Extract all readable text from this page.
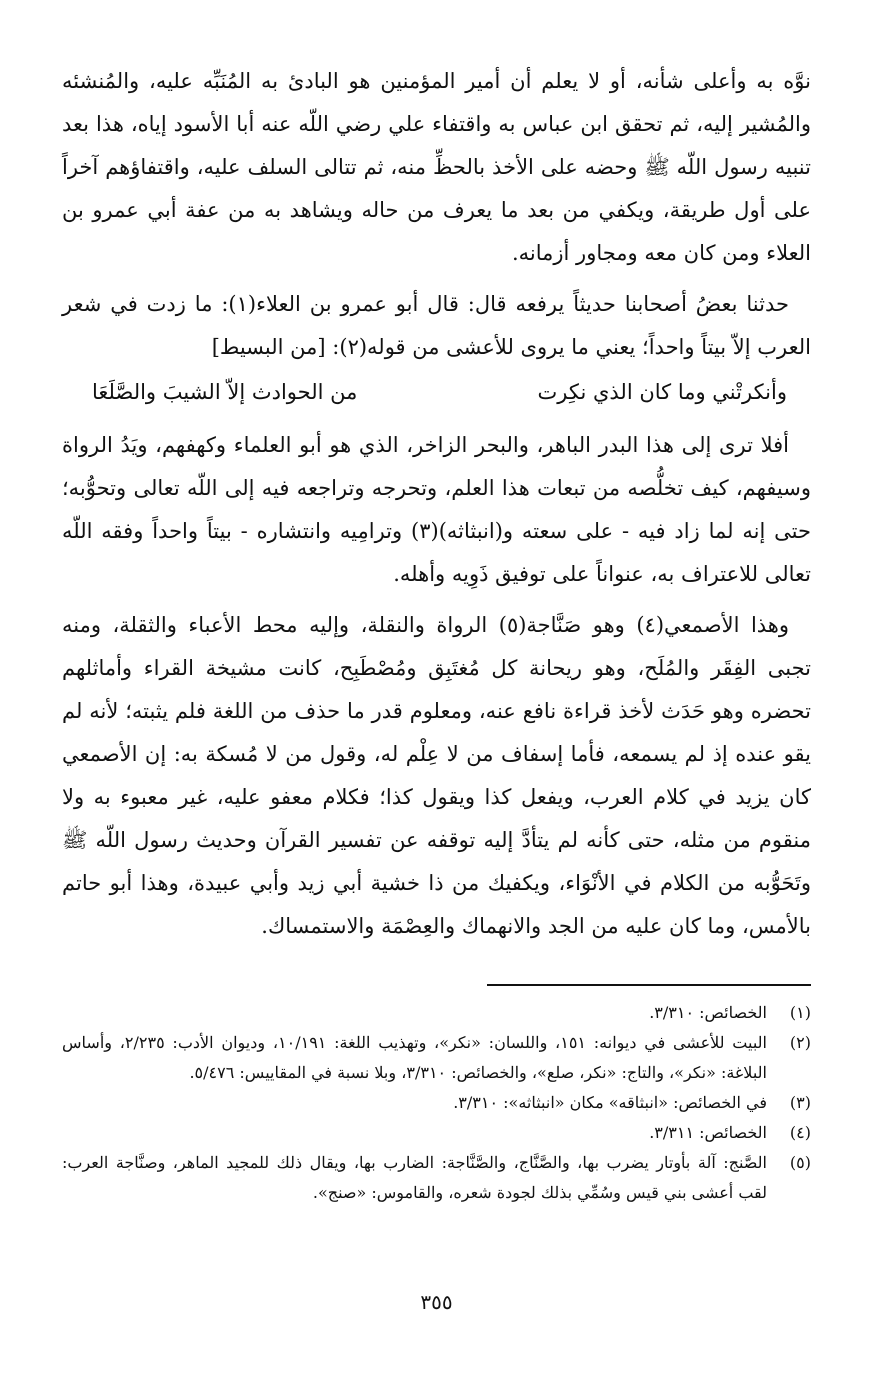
نوَّه به وأعلى شأنه، أو لا يعلم أن أمير المؤمنين هو البادئ به المُنَبِّه عليه، والمُنشئه والمُشير إليه، ثم تحقق ابن عباس به واقتفاء علي رضي اللّه عنه أبا الأسود إياه، هذا بعد تنبيه رسول اللّه ﷺ وحضه على الأخذ بالحظِّ منه، ثم تتالى السلف عليه، واقتفاؤهم آخراً على أول طريقة، ويكفي من بعد ما يعرف من حاله ويشاهد به من عفة أبي عمرو بن العلاء ومن كان معه ومجاور أزمانه.

حدثنا بعضُ أصحابنا حديثاً يرفعه قال: قال أبو عمرو بن العلاء(١): ما زدت في شعر العرب إلاّ بيتاً واحداً؛ يعني ما يروى للأعشى من قوله(٢): [من البسيط]

وأنكرتْني وما كان الذي نكِرت
من الحوادث إلاّ الشيبَ والصَّلَعَا

أفلا ترى إلى هذا البدر الباهر، والبحر الزاخر، الذي هو أبو العلماء وكهفهم، ويَدُ الرواة وسيفهم، كيف تخلُّصه من تبعات هذا العلم، وتحرجه وتراجعه فيه إلى اللّه تعالى وتحوُّبه؛ حتى إنه لما زاد فيه - على سعته و(انبثاثه)(٣) وترامِيه وانتشاره - بيتاً واحداً وفقه اللّه تعالى للاعتراف به، عنواناً على توفيق ذَوِيه وأهله.

وهذا الأصمعي(٤) وهو صَنَّاجة(٥) الرواة والنقلة، وإليه محط الأعباء والثقلة، ومنه تجبى الفِقَر والمُلَح، وهو ريحانة كل مُغتَبِق ومُصْطَبِح، كانت مشيخة القراء وأماثلهم تحضره وهو حَدَث لأخذ قراءة نافع عنه، ومعلوم قدر ما حذف من اللغة فلم يثبته؛ لأنه لم يقو عنده إذ لم يسمعه، فأما إسفاف من لا عِلْم له، وقول من لا مُسكة به: إن الأصمعي كان يزيد في كلام العرب، ويفعل كذا ويقول كذا؛ فكلام معفو عليه، غير معبوء به ولا منقوم من مثله، حتى كأنه لم يتأدَّ إليه توقفه عن تفسير القرآن وحديث رسول اللّه ﷺ وتَحَوُّبه من الكلام في الأنْوَاء، ويكفيك من ذا خشية أبي زيد وأبي عبيدة، وهذا أبو حاتم بالأمس، وما كان عليه من الجد والانهماك والعِصْمَة والاستمساك.

(١)
الخصائص: ٣/٣١٠.
(٢)
البيت للأعشى في ديوانه: ١٥١، واللسان: «نكر»، وتهذيب اللغة: ١٠/١٩١، وديوان الأدب: ٢/٢٣٥، وأساس البلاغة: «نكر»، والتاج: «نكر، صلع»، والخصائص: ٣/٣١٠، وبلا نسبة في المقاييس: ٥/٤٧٦.
(٣)
في الخصائص: «انبثاقه» مكان «انبثاثه»: ٣/٣١٠.
(٤)
الخصائص: ٣/٣١١.
(٥)
الصَّنج: آلة بأوتار يضرب بها، والصَّنَّاج، والصَّنَّاجة: الضارب بها، ويقال ذلك للمجيد الماهر، وصنَّاجة العرب: لقب أعشى بني قيس وسُمِّي بذلك لجودة شعره، والقاموس: «صنج».
٣٥٥
